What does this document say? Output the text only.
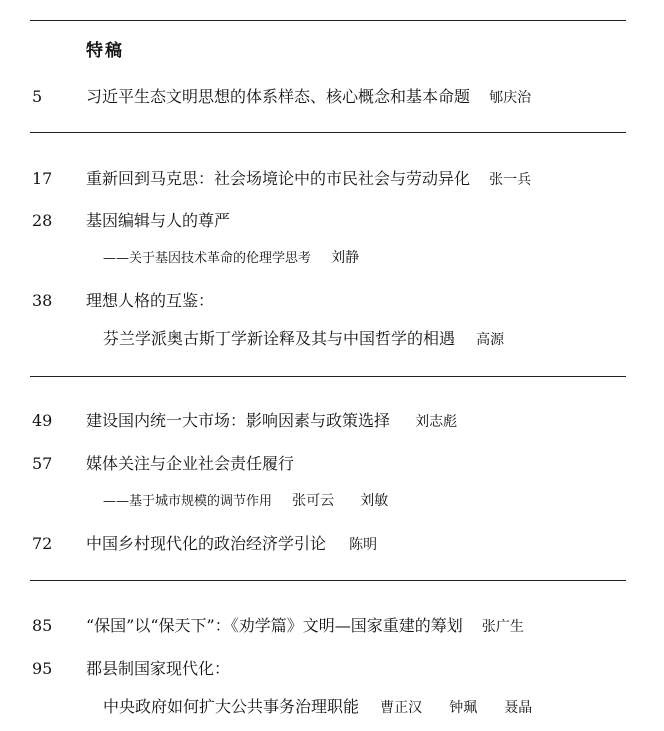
特稿
5	习近平生态文明思想的体系样态、核心概念和基本命题 郇庆治
17 重新回到马克思：社会场境论中的市民社会与劳动异化 张一兵
28 基因编辑与人的尊严
——关于基因技术革命的伦理学思考 刘静
38 理想人格的互鉴：
芬兰学派奥古斯丁学新诠释及其与中国哲学的相遇 高源
49 建设国内统一大市场：影响因素与政策选择 刘志彪
57 媒体关注与企业社会责任履行
——基于城市规模的调节作用 张可云 刘敏
72 中国乡村现代化的政治经济学引论 陈明
85 “保国”以“保天下”：《劝学篇》文明—国家重建的筹划 张广生
95 郡县制国家现代化：
中央政府如何扩大公共事务治理职能 曹正汉 钟珮 聂晶
